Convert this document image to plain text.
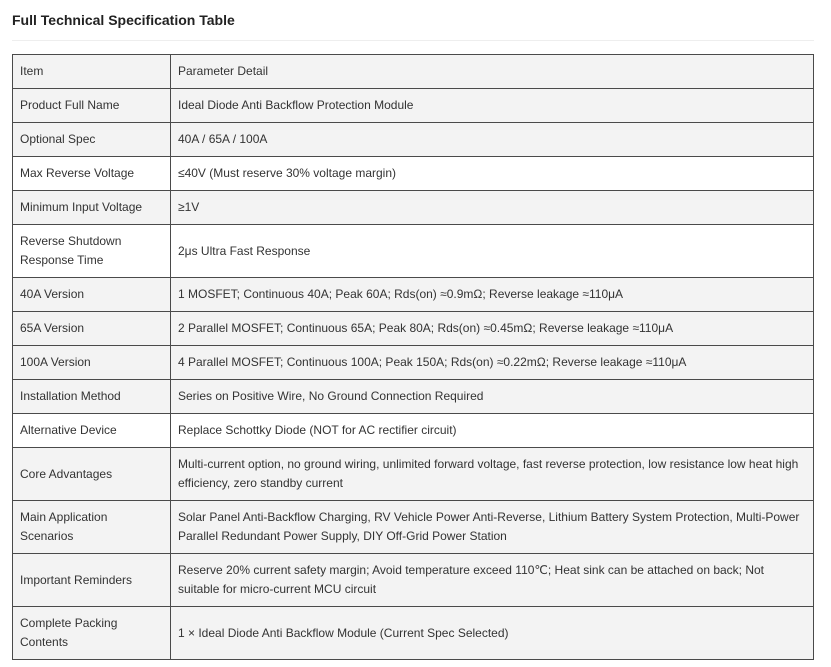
Full Technical Specification Table
Item	Parameter Detail
Product Full Name	Ideal Diode Anti Backflow Protection Module
Optional Spec	40A / 65A / 100A
Max Reverse Voltage	≤40V (Must reserve 30% voltage margin)
Minimum Input Voltage	≥1V
Reverse Shutdown Response Time	2μs Ultra Fast Response
40A Version	1 MOSFET; Continuous 40A; Peak 60A; Rds(on) ≈0.9mΩ; Reverse leakage ≈110μA
65A Version	2 Parallel MOSFET; Continuous 65A; Peak 80A; Rds(on) ≈0.45mΩ; Reverse leakage ≈110μA
100A Version	4 Parallel MOSFET; Continuous 100A; Peak 150A; Rds(on) ≈0.22mΩ; Reverse leakage ≈110μA
Installation Method	Series on Positive Wire, No Ground Connection Required
Alternative Device	Replace Schottky Diode (NOT for AC rectifier circuit)
Core Advantages	Multi-current option, no ground wiring, unlimited forward voltage, fast reverse protection, low resistance low heat high efficiency, zero standby current
Main Application Scenarios	Solar Panel Anti-Backflow Charging, RV Vehicle Power Anti-Reverse, Lithium Battery System Protection, Multi-Power Parallel Redundant Power Supply, DIY Off-Grid Power Station
Important Reminders	Reserve 20% current safety margin; Avoid temperature exceed 110℃; Heat sink can be attached on back; Not suitable for micro-current MCU circuit
Complete Packing Contents	1 × Ideal Diode Anti Backflow Module (Current Spec Selected)
